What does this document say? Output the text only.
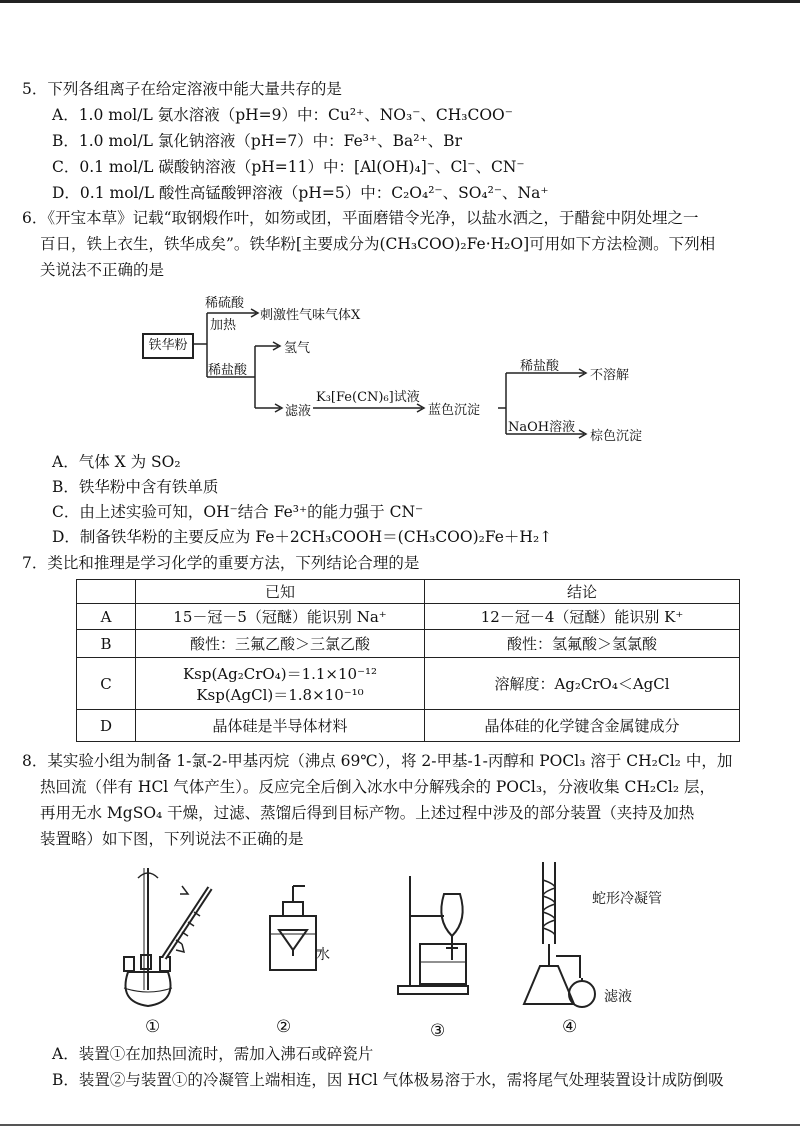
5．下列各组离子在给定溶液中能大量共存的是
A．1.0 mol/L 氨水溶液（pH=9）中：Cu²⁺、NO₃⁻、CH₃COO⁻
B．1.0 mol/L 氯化钠溶液（pH=7）中：Fe³⁺、Ba²⁺、Br
C．0.1 mol/L 碳酸钠溶液（pH=11）中：[Al(OH)₄]⁻、Cl⁻、CN⁻
D．0.1 mol/L 酸性高锰酸钾溶液（pH=5）中：C₂O₄²⁻、SO₄²⁻、Na⁺
6．《开宝本草》记载“取钢煅作叶，如笏或团，平面磨错令光净，以盐水洒之，于醋瓮中阴处埋之一
百日，铁上衣生，铁华成矣”。铁华粉[主要成分为(CH₃COO)₂Fe·H₂O]可用如下方法检测。下列相
关说法不正确的是
铁华粉
稀硫酸
加热
刺激性气味气体X
稀盐酸
氢气
滤液
K₃[Fe(CN)₆]试液
蓝色沉淀
稀盐酸
不溶解
NaOH溶液
棕色沉淀
A．气体 X 为 SO₂
B．铁华粉中含有铁单质
C．由上述实验可知，OH⁻结合 Fe³⁺的能力强于 CN⁻
D．制备铁华粉的主要反应为 Fe＋2CH₃COOH＝(CH₃COO)₂Fe＋H₂↑
7．类比和推理是学习化学的重要方法，下列结论合理的是
	已知	结论
A	15－冠－5（冠醚）能识别 Na⁺	12－冠－4（冠醚）能识别 K⁺
B	酸性：三氟乙酸＞三氯乙酸	酸性：氢氟酸＞氢氯酸
C	Ksp(Ag₂CrO₄)＝1.1×10⁻¹²
Ksp(AgCl)＝1.8×10⁻¹⁰	溶解度：Ag₂CrO₄＜AgCl
D	晶体硅是半导体材料	晶体硅的化学键含金属键成分
8．某实验小组为制备 1-氯-2-甲基丙烷（沸点 69℃），将 2-甲基-1-丙醇和 POCl₃ 溶于 CH₂Cl₂ 中，加
热回流（伴有 HCl 气体产生）。反应完全后倒入冰水中分解残余的 POCl₃，分液收集 CH₂Cl₂ 层，
再用无水 MgSO₄ 干燥，过滤、蒸馏后得到目标产物。上述过程中涉及的部分装置（夹持及加热
装置略）如下图，下列说法不正确的是
水
蛇形冷凝管
滤液
①	②	③	④
A．装置①在加热回流时，需加入沸石或碎瓷片
B．装置②与装置①的冷凝管上端相连，因 HCl 气体极易溶于水，需将尾气处理装置设计成防倒吸
